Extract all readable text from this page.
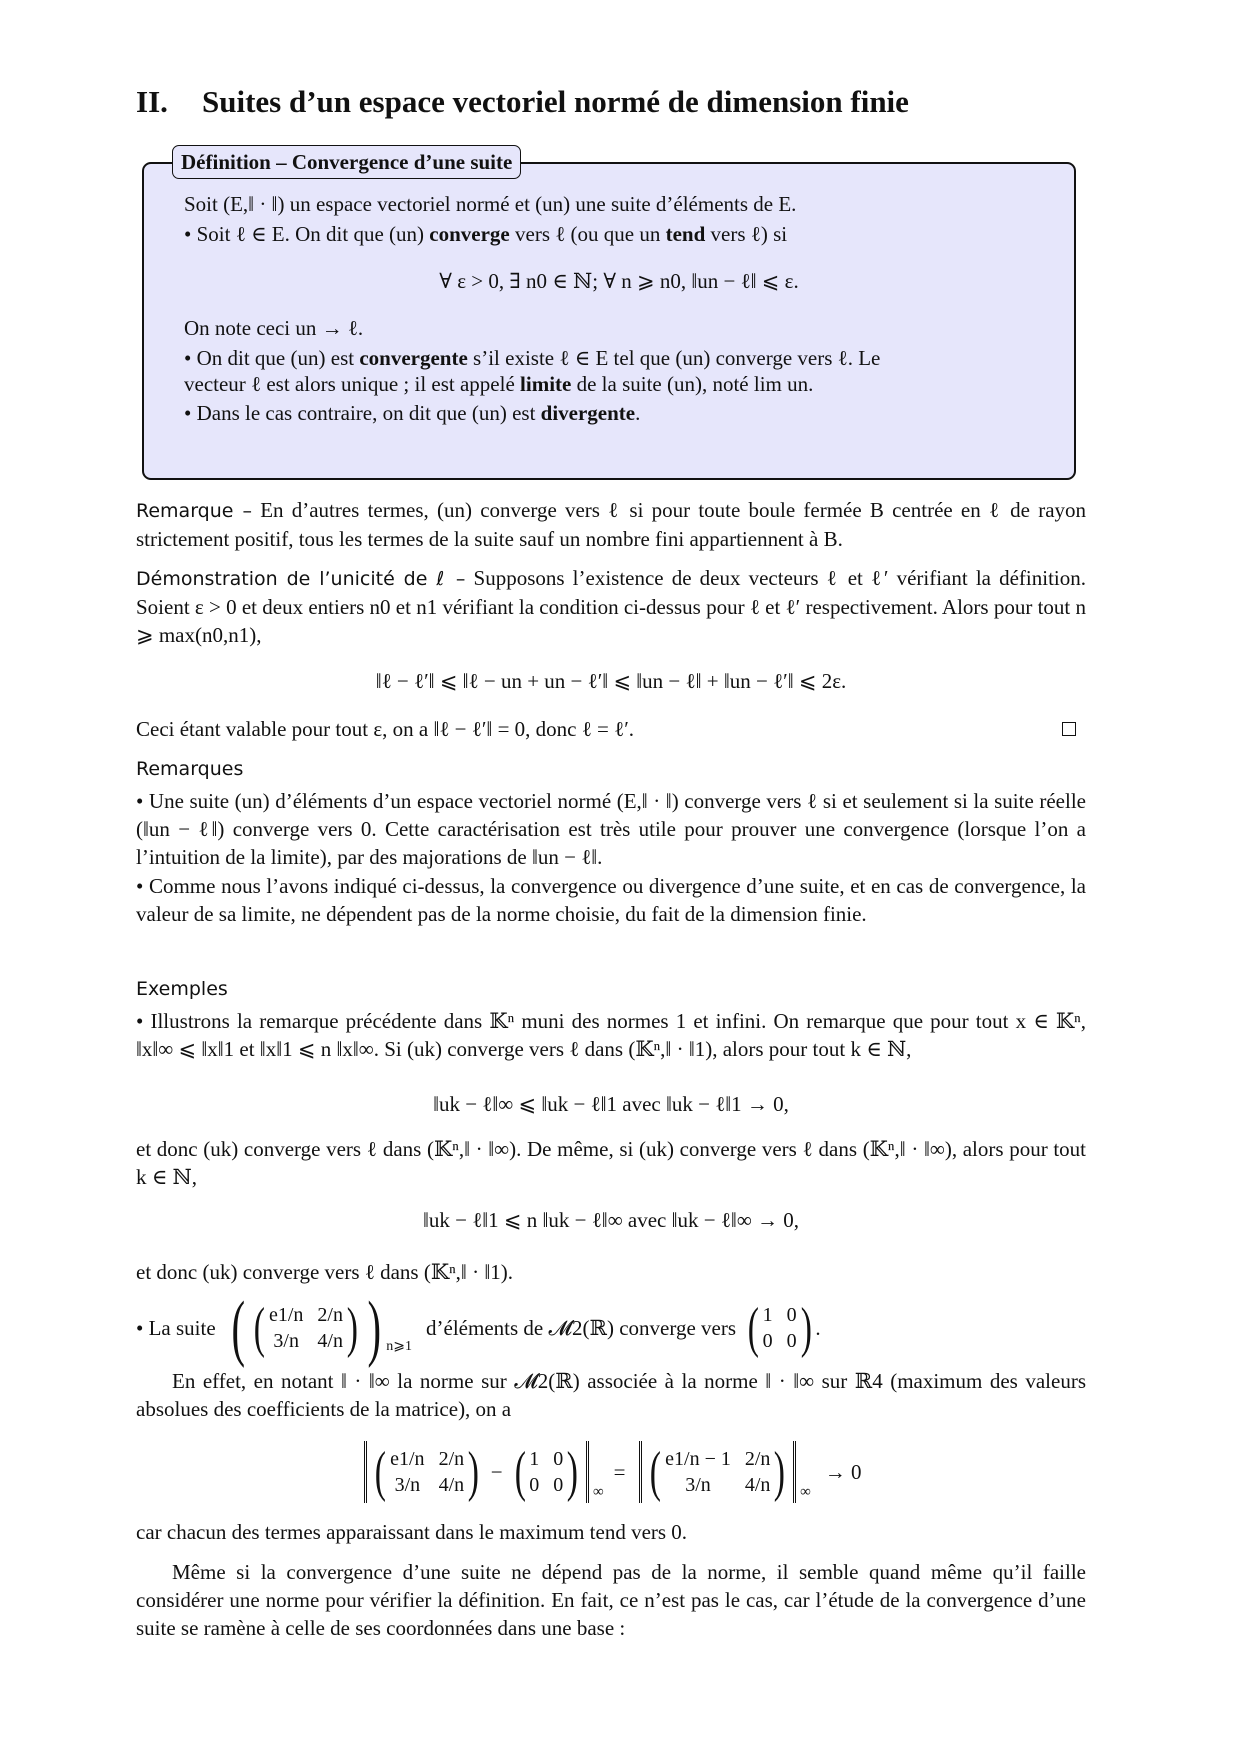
II. Suites d’un espace vectoriel normé de dimension finie
Définition – Convergence d’une suite
Soit (E,‖ · ‖) un espace vectoriel normé et (un) une suite d’éléments de E.
• Soit ℓ ∈ E. On dit que (un) converge vers ℓ (ou que un tend vers ℓ) si
∀ ε > 0, ∃ n0 ∈ ℕ; ∀ n ⩾ n0, ‖un − ℓ‖ ⩽ ε.
On note ceci un → ℓ.
• On dit que (un) est convergente s’il existe ℓ ∈ E tel que (un) converge vers ℓ. Le
vecteur ℓ est alors unique ; il est appelé limite de la suite (un), noté lim un.
• Dans le cas contraire, on dit que (un) est divergente.
Remarque – En d’autres termes, (un) converge vers ℓ si pour toute boule fermée B centrée en ℓ de rayon strictement positif, tous les termes de la suite sauf un nombre fini appartiennent à B.
Démonstration de l’unicité de ℓ – Supposons l’existence de deux vecteurs ℓ et ℓ′ vérifiant la définition. Soient ε > 0 et deux entiers n0 et n1 vérifiant la condition ci-dessus pour ℓ et ℓ′ respectivement. Alors pour tout n ⩾ max(n0,n1),
‖ℓ − ℓ′‖ ⩽ ‖ℓ − un + un − ℓ′‖ ⩽ ‖un − ℓ‖ + ‖un − ℓ′‖ ⩽ 2ε.
Ceci étant valable pour tout ε, on a ‖ℓ − ℓ′‖ = 0, donc ℓ = ℓ′.
Remarques
• Une suite (un) d’éléments d’un espace vectoriel normé (E,‖ · ‖) converge vers ℓ si et seulement si la suite réelle (‖un − ℓ‖) converge vers 0. Cette caractérisation est très utile pour prouver une convergence (lorsque l’on a l’intuition de la limite), par des majorations de ‖un − ℓ‖.
• Comme nous l’avons indiqué ci-dessus, la convergence ou divergence d’une suite, et en cas de convergence, la valeur de sa limite, ne dépendent pas de la norme choisie, du fait de la dimension finie.
Exemples
• Illustrons la remarque précédente dans 𝕂ⁿ muni des normes 1 et infini. On remarque que pour tout x ∈ 𝕂ⁿ, ‖x‖∞ ⩽ ‖x‖1 et ‖x‖1 ⩽ n ‖x‖∞. Si (uk) converge vers ℓ dans (𝕂ⁿ,‖ · ‖1), alors pour tout k ∈ ℕ,
‖uk − ℓ‖∞ ⩽ ‖uk − ℓ‖1 avec ‖uk − ℓ‖1 → 0,
et donc (uk) converge vers ℓ dans (𝕂ⁿ,‖ · ‖∞). De même, si (uk) converge vers ℓ dans (𝕂ⁿ,‖ · ‖∞), alors pour tout k ∈ ℕ,
‖uk − ℓ‖1 ⩽ n ‖uk − ℓ‖∞ avec ‖uk − ℓ‖∞ → 0,
et donc (uk) converge vers ℓ dans (𝕂ⁿ,‖ · ‖1).
• La suite ( ( e1/n 2/n
3/n 4/n ) ) n⩾1
d’éléments de 𝓜2(ℝ) converge vers ( 1 0
0 0 ) .
En effet, en notant ‖ · ‖∞ la norme sur 𝓜2(ℝ) associée à la norme ‖ · ‖∞ sur ℝ4 (maximum des valeurs absolues des coefficients de la matrice), on a
( e1/n 2/n
3/n 4/n ) − ( 1 0
0 0 ) ∞
= ( e1/n − 1 2/n
3/n	4/n ) ∞
→ 0
car chacun des termes apparaissant dans le maximum tend vers 0.
Même si la convergence d’une suite ne dépend pas de la norme, il semble quand même qu’il faille considérer une norme pour vérifier la définition. En fait, ce n’est pas le cas, car l’étude de la convergence d’une suite se ramène à celle de ses coordonnées dans une base :
